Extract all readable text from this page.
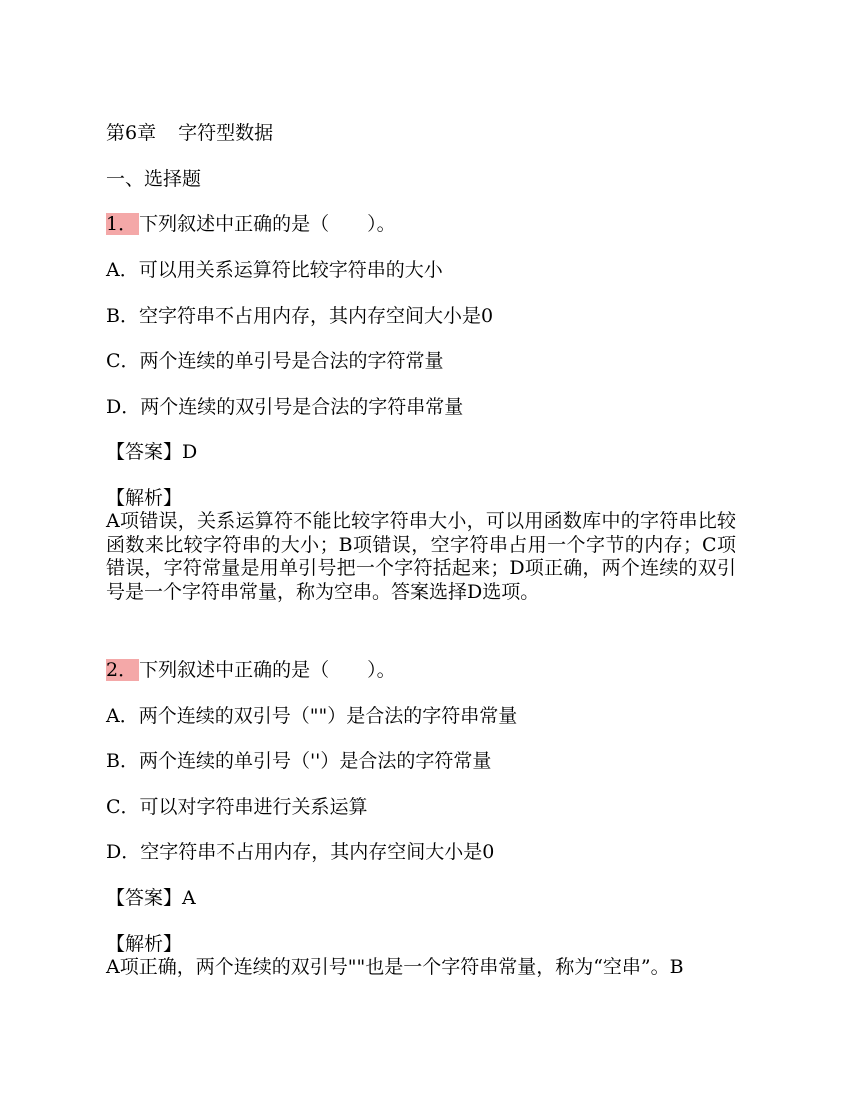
第6章 字符型数据
一、选择题
1． 下列叙述中正确的是（　　）。
A．可以用关系运算符比较字符串的大小
B．空字符串不占用内存，其内存空间大小是0
C．两个连续的单引号是合法的字符常量
D．两个连续的双引号是合法的字符串常量
【答案】D
【解析】
A项错误，关系运算符不能比较字符串大小，可以用函数库中的字符串比较函数来比较字符串的大小；B项错误，空字符串占用一个字节的内存；C项错误，字符常量是用单引号把一个字符括起来；D项正确，两个连续的双引号是一个字符串常量，称为空串。答案选择D选项。
2． 下列叙述中正确的是（　　）。
A．两个连续的双引号（""）是合法的字符串常量
B．两个连续的单引号（''）是合法的字符常量
C．可以对字符串进行关系运算
D．空字符串不占用内存，其内存空间大小是0
【答案】A
【解析】
A项正确，两个连续的双引号""也是一个字符串常量，称为“空串”。B
